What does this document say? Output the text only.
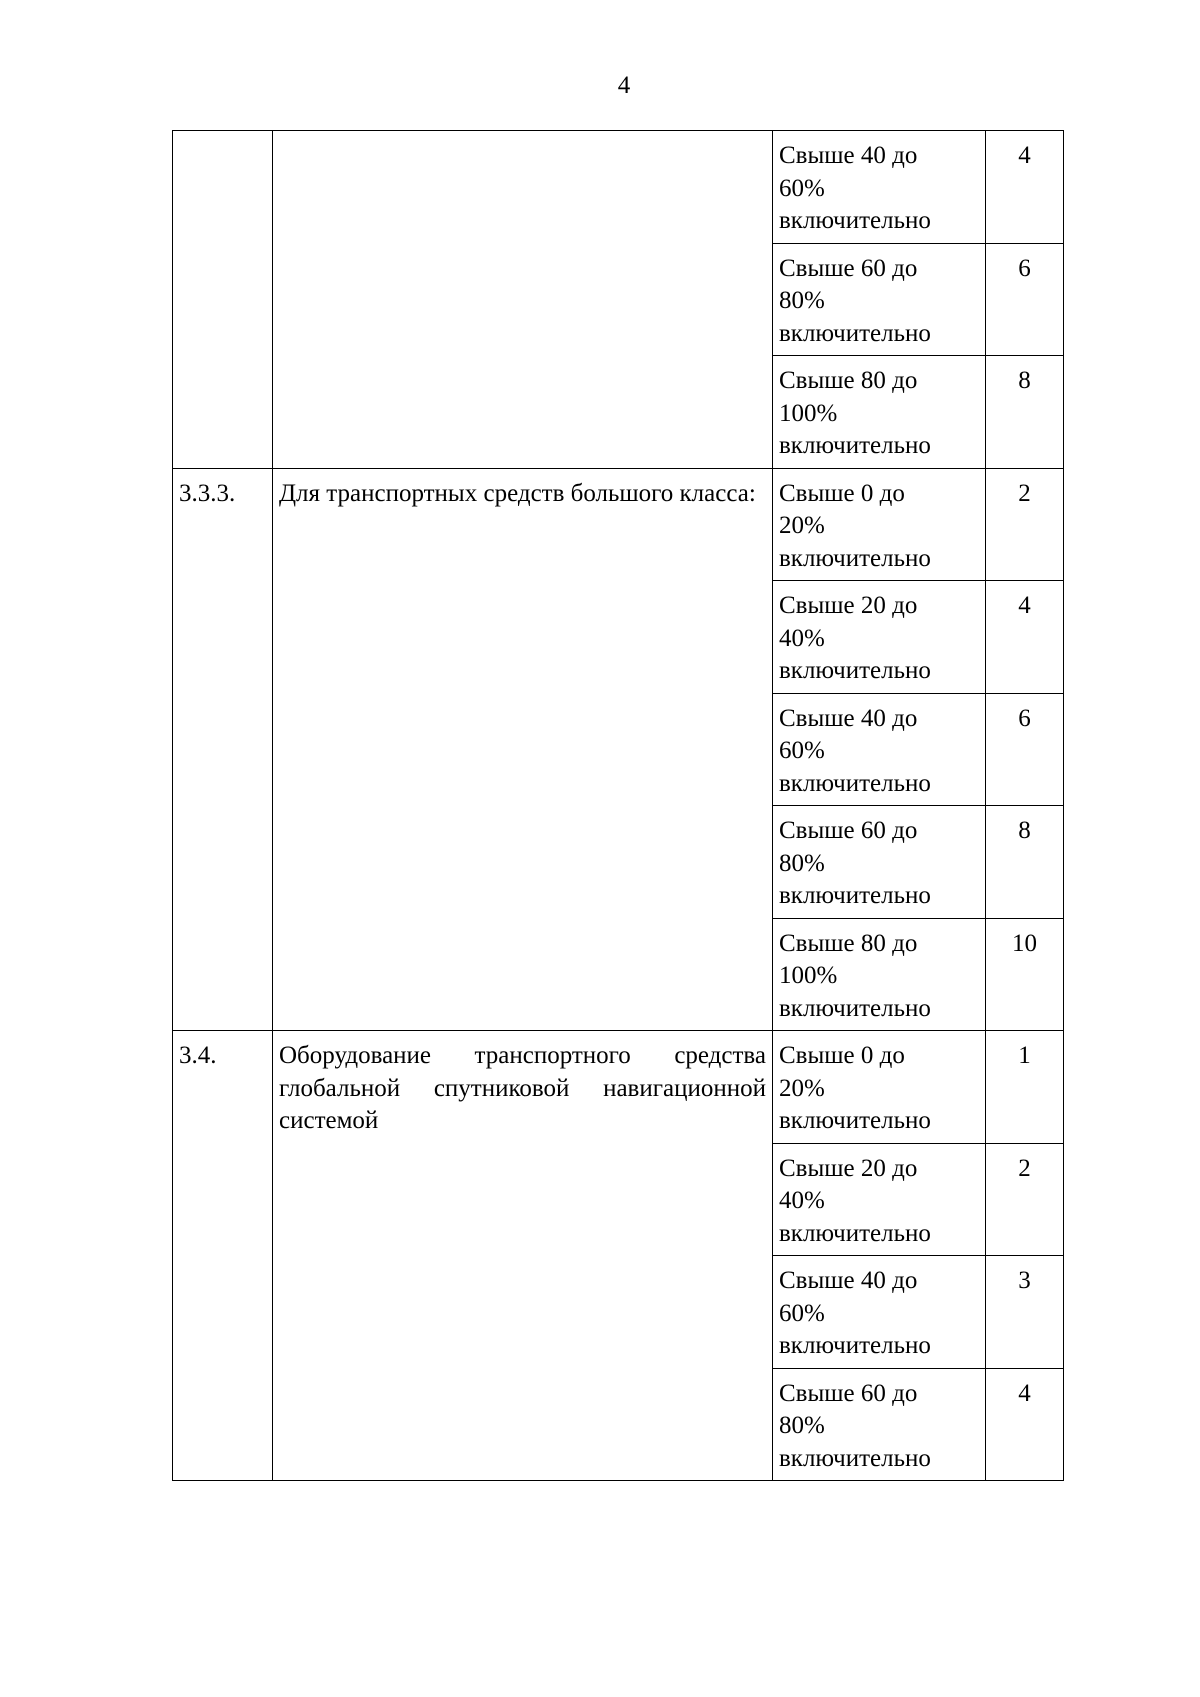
4

		Свыше 40 до
60%
включительно	4

		Свыше 60 до
80%
включительно	6

		Свыше 80 до
100%
включительно	8
3.3.3.	Для транспортных средств большого класса:	Свыше 0 до
20%
включительно	2

		Свыше 20 до
40%
включительно	4

		Свыше 40 до
60%
включительно	6

		Свыше 60 до
80%
включительно	8

		Свыше 80 до
100%
включительно	10
3.4.	Оборудование транспортного средства глобальной спутниковой навигационной системой	Свыше 0 до
20%
включительно	1

		Свыше 20 до
40%
включительно	2

		Свыше 40 до
60%
включительно	3

		Свыше 60 до
80%
включительно	4
